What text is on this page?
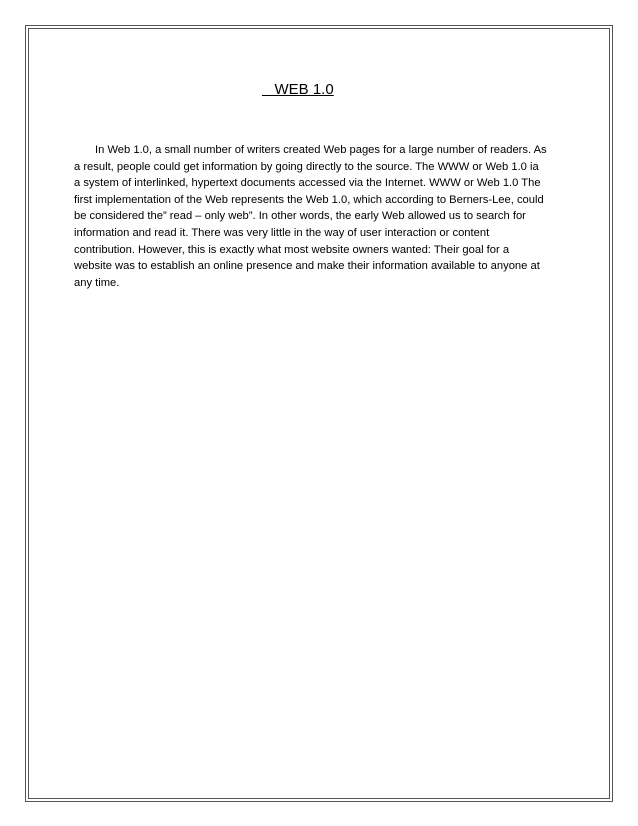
WEB 1.0

In Web 1.0, a small number of writers created Web pages for a large number of readers. As
a result, people could get information by going directly to the source. The WWW or Web 1.0 ia
a system of interlinked, hypertext documents accessed via the Internet. WWW or Web 1.0 The
first implementation of the Web represents the Web 1.0, which according to Berners-Lee, could
be considered the” read – only web”. In other words, the early Web allowed us to search for
information and read it. There was very little in the way of user interaction or content
contribution. However, this is exactly what most website owners wanted: Their goal for a
website was to establish an online presence and make their information available to anyone at
any time.
